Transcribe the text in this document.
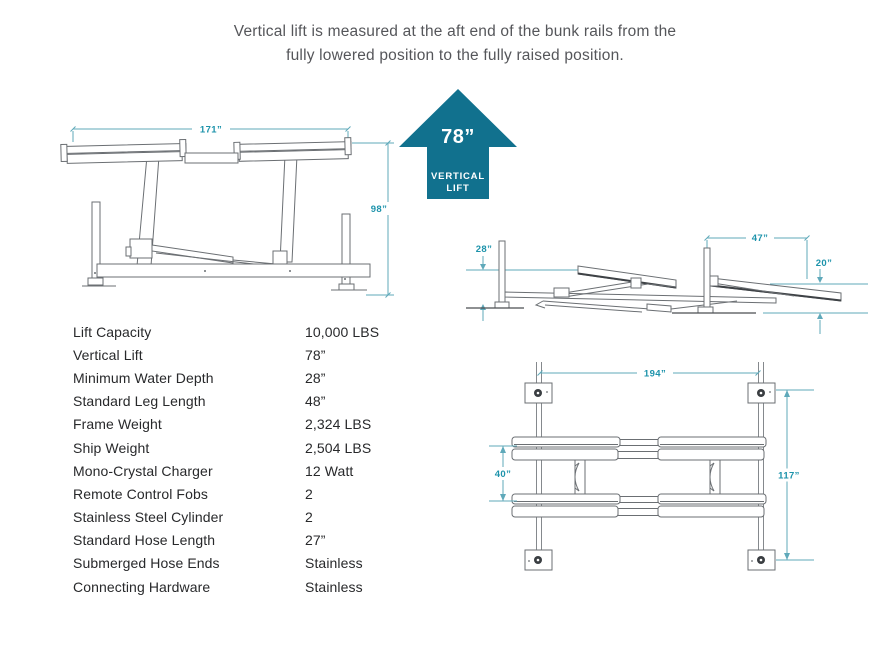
Vertical lift is measured at the aft end of the bunk rails from the
fully lowered position to the fully raised position.
78”
VERTICAL
LIFT
171”
98”
28”
47”
20”
194”
40”	117”
Lift Capacity	10,000 LBS
Vertical Lift	78”
Minimum Water Depth	28”
Standard Leg Length	48”
Frame Weight	2,324 LBS
Ship Weight	2,504 LBS
Mono-Crystal Charger	12 Watt
Remote Control Fobs	2
Stainless Steel Cylinder	2
Standard Hose Length	27”
Submerged Hose Ends	Stainless
Connecting Hardware	Stainless
